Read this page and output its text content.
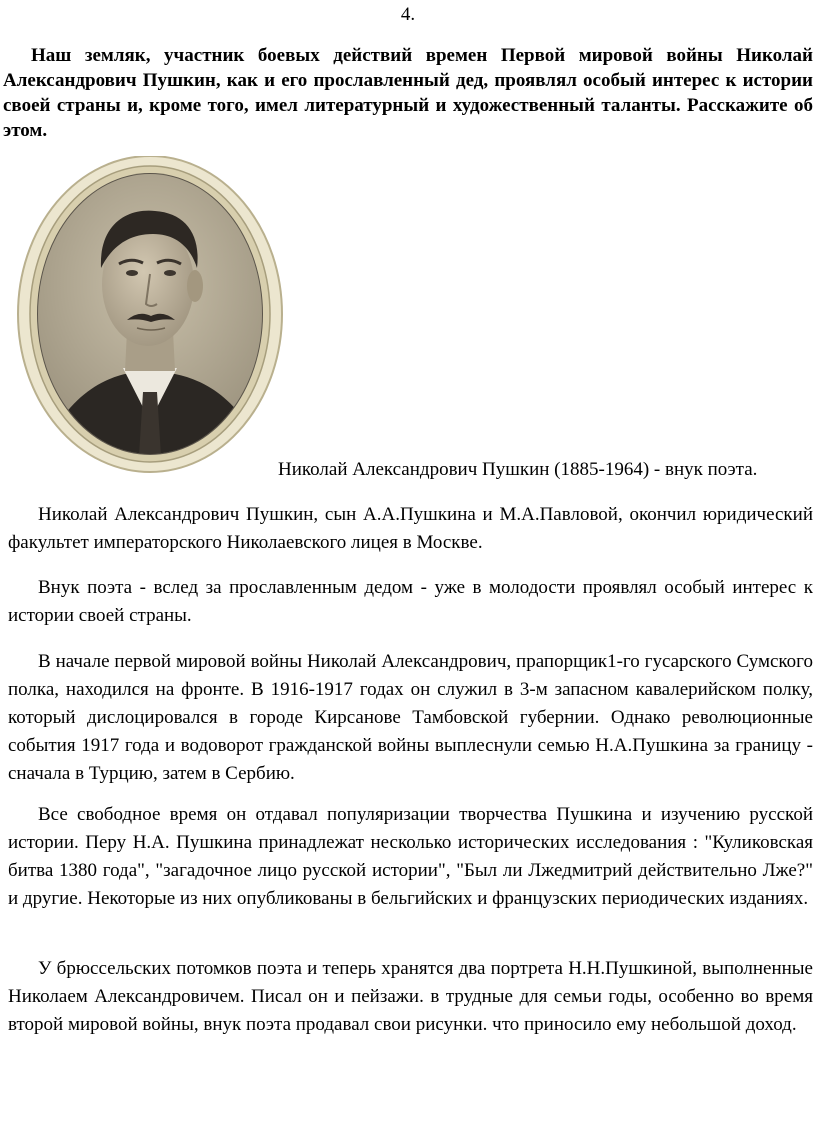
4.

Наш земляк, участник боевых действий времен Первой мировой войны Николай Александрович Пушкин, как и его прославленный дед, проявлял особый интерес к истории своей страны и, кроме того, имел литературный и художественный таланты. Расскажите об этом.

Николай Александрович Пушкин (1885-1964) - внук поэта.

Николай Александрович Пушкин, сын А.А.Пушкина и М.А.Павловой, окончил юридический факультет императорского Николаевского лицея в Москве.

Внук поэта - вслед за прославленным дедом - уже в молодости проявлял особый интерес к истории своей страны.

В начале первой мировой войны Николай Александрович, прапорщик1-го гусарского Сумского полка, находился на фронте. В 1916-1917 годах он служил в 3-м запасном кавалерийском полку, который дислоцировался в городе Кирсанове Тамбовской губернии. Однако революционные события 1917 года и водоворот гражданской войны выплеснули семью Н.А.Пушкина за границу - сначала в Турцию, затем в Сербию.

Все свободное время он отдавал популяризации творчества Пушкина и изучению русской истории. Перу Н.А. Пушкина принадлежат несколько исторических исследования : "Куликовская битва 1380 года", "загадочное лицо русской истории", "Был ли Лжедмитрий действительно Лже?" и другие. Некоторые из них опубликованы в бельгийских и французских периодических изданиях.

У брюссельских потомков поэта и теперь хранятся два портрета Н.Н.Пушкиной, выполненные Николаем Александровичем. Писал он и пейзажи. в трудные для семьи годы, особенно во время второй мировой войны, внук поэта продавал свои рисунки. что приносило ему небольшой доход.
